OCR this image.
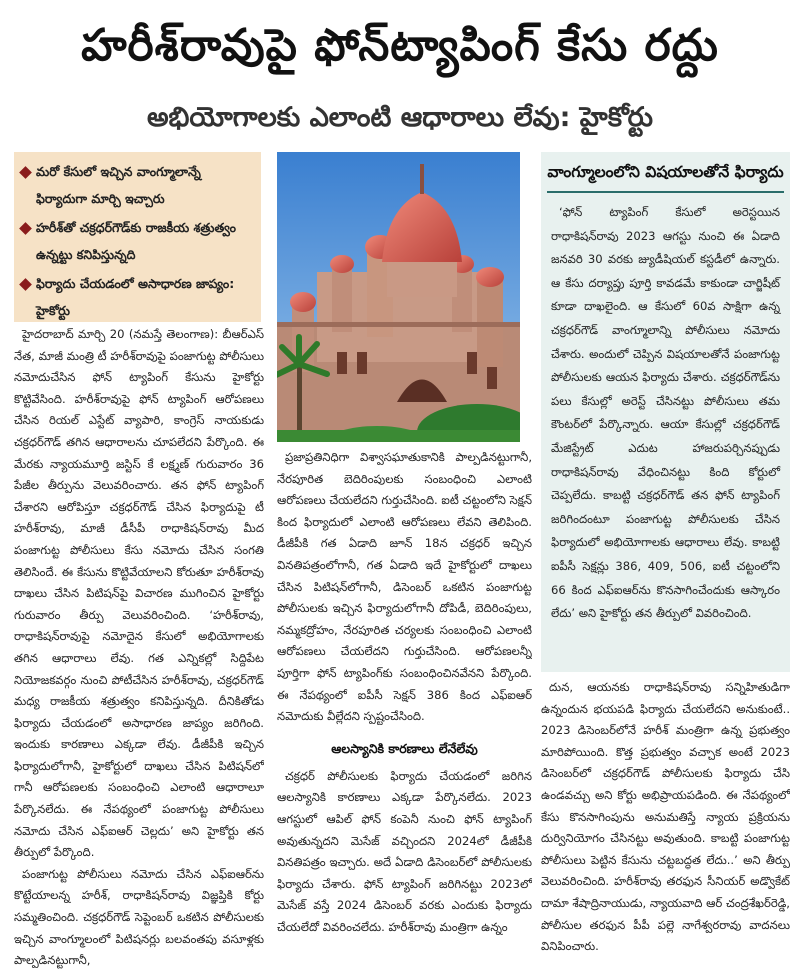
హరీశ్‌రావుపై ఫోన్‌ట్యాపింగ్‌ కేసు రద్దు
అభియోగాలకు ఎలాంటి ఆధారాలు లేవు: హైకోర్టు
మరో కేసులో ఇచ్చిన వాంగ్మూలాన్నే ఫిర్యాదుగా మార్చి ఇచ్చారు
హరీశ్‌తో చక్రధర్‌గౌడ్‌కు రాజకీయ శత్రుత్వం ఉన్నట్టు కనిపిస్తున్నది
ఫిర్యాదు చేయడంలో అసాధారణ జాప్యం: హైకోర్టు
వాంగ్మూలంలోని విషయాలతోనే ఫిర్యాదు

‘ఫోన్‌ ట్యాపింగ్‌ కేసులో అరెస్టయిన రాధాకిషన్‌రావు 2023 ఆగస్టు నుంచి ఈ ఏడాది జనవరి 30 వరకు జ్యుడీషియల్‌ కస్టడీలో ఉన్నారు. ఆ కేసు దర్యాప్తు పూర్తి కావడమే కాకుండా చార్జిషీట్‌ కూడా దాఖలైంది. ఆ కేసులో 60వ సాక్షిగా ఉన్న చక్రధర్‌గౌడ్‌ వాంగ్మూలాన్ని పోలీసులు నమోదు చేశారు. అందులో చెప్పిన విషయాలతోనే పంజాగుట్ట పోలీసులకు ఆయన ఫిర్యాదు చేశారు. చక్రధర్‌గౌడ్‌ను పలు కేసుల్లో అరెస్ట్‌ చేసినట్టు పోలీసులు తమ కౌంటర్‌లో పేర్కొన్నారు. ఆయా కేసుల్లో చక్రధర్‌గౌడ్‌ మేజిస్ట్రేట్‌ ఎదుట హాజరుపర్చినప్పుడు రాధాకిషన్‌రావు వేధించినట్టు కింది కోర్టులో చెప్పలేదు. కాబట్టి చక్రధర్‌గౌడ్‌ తన ఫోన్‌ ట్యాపింగ్‌ జరిగిందంటూ పంజాగుట్ట పోలీసులకు చేసిన ఫిర్యాదులో అభియోగాలకు ఆధారాలు లేవు. కాబట్టి ఐపీసీ సెక్షన్లు 386, 409, 506, ఐటీ చట్టంలోని 66 కింద ఎఫ్‌ఐఆర్‌ను కొనసాగించేందుకు ఆస్కారం లేదు’ అని హైకోర్టు తన తీర్పులో వివరించింది.

హైదరాబాద్‌ మార్చి 20 (నమస్తే తెలంగాణ): బీఆర్‌ఎస్‌ నేత, మాజీ మంత్రి టీ హరీశ్‌రావుపై పంజాగుట్ట పోలీసులు నమోదుచేసిన ఫోన్‌ ట్యాపింగ్‌ కేసును హైకోర్టు కొట్టివేసింది. హరీశ్‌రావుపై ఫోన్‌ ట్యాపింగ్‌ ఆరోపణలు చేసిన రియల్‌ ఎస్టేట్‌ వ్యాపారి, కాంగ్రెస్‌ నాయకుడు చక్రధర్‌గౌడ్‌ తగిన ఆధారాలను చూపలేదని పేర్కొంది. ఈ మేరకు న్యాయమూర్తి జస్టిస్‌ కే లక్ష్మణ్‌ గురువారం 36 పేజీల తీర్పును వెలువరించారు. తన ఫోన్‌ ట్యాపింగ్‌ చేశారని ఆరోపిస్తూ చక్రధర్‌గౌడ్‌ చేసిన ఫిర్యాదుపై టీ హరీశ్‌రావు, మాజీ డీసీపీ రాధాకిషన్‌రావు మీద పంజాగుట్ట పోలీసులు కేసు నమోదు చేసిన సంగతి తెలిసిందే. ఈ కేసును కొట్టివేయాలని కోరుతూ హరీశ్‌రావు దాఖలు చేసిన పిటిషన్‌పై విచారణ ముగించిన హైకోర్టు గురువారం తీర్పు వెలువరించింది. ‘హరీశ్‌రావు, రాధాకిషన్‌రావుపై నమోదైన కేసులో అభియోగాలకు తగిన ఆధారాలు లేవు. గత ఎన్నికల్లో సిద్దిపేట నియోజకవర్గం నుంచి పోటీచేసిన హరీశ్‌రావు, చక్రధర్‌గౌడ్‌ మధ్య రాజకీయ శత్రుత్వం కనిపిస్తున్నది. దీనికితోడు ఫిర్యాదు చేయడంలో అసాధారణ జాప్యం జరిగింది. ఇందుకు కారణాలు ఎక్కడా లేవు. డీజీపీకి ఇచ్చిన ఫిర్యాదులోగానీ, హైకోర్టులో దాఖలు చేసిన పిటిషన్‌లో గానీ ఆరోపణలకు సంబంధించి ఎలాంటి ఆధారాలూ పేర్కొనలేదు. ఈ నేపథ్యంలో పంజాగుట్ట పోలీసులు నమోదు చేసిన ఎఫ్‌ఐఆర్‌ చెల్లదు’ అని హైకోర్టు తన తీర్పులో పేర్కొంది.

పంజాగుట్ట పోలీసులు నమోదు చేసిన ఎఫ్‌ఐఆర్‌ను కొట్టేయాలన్న హరీశ్‌, రాధాకిషన్‌రావు విజ్ఞప్తికి కోర్టు సమ్మతించింది. చక్రధర్‌గౌడ్‌ సెప్టెంబర్‌ ఒకటిన పోలీసులకు ఇచ్చిన వాంగ్మూలంలో పిటిషనర్లు బలవంతపు వసూళ్లకు పాల్పడినట్టుగానీ,

ప్రజాప్రతినిధిగా విశ్వాసఘాతుకానికి పాల్పడినట్టుగానీ, నేరపూరిత బెదిరింపులకు సంబంధించి ఎలాంటి ఆరోపణలు చేయలేదని గుర్తుచేసింది. ఐటీ చట్టంలోని సెక్షన్‌ కింద ఫిర్యాదులో ఎలాంటి ఆరోపణలు లేవని తెలిపింది. డీజీపీకి గత ఏడాది జూన్‌ 18న చక్రధర్‌ ఇచ్చిన వినతిపత్రంలోగానీ, గత ఏడాది ఇదే హైకోర్టులో దాఖలు చేసిన పిటిషన్‌లోగానీ, డిసెంబర్‌ ఒకటిన పంజాగుట్ట పోలీసులకు ఇచ్చిన ఫిర్యాదులోగానీ దోపిడీ, బెదిరింపులు, నమ్మకద్రోహం, నేరపూరిత చర్యలకు సంబంధించి ఎలాంటి ఆరోపణలు చేయలేదని గుర్తుచేసింది. ఆరోపణలన్నీ పూర్తిగా ఫోన్‌ ట్యాపింగ్‌కు సంబంధించినవేనని పేర్కొంది. ఈ నేపథ్యంలో ఐపీసీ సెక్షన్‌ 386 కింద ఎఫ్‌ఐఆర్‌ నమోదుకు వీల్లేదని స్పష్టంచేసింది.

ఆలస్యానికి కారణాలు లేనేలేవు

చక్రధర్‌ పోలీసులకు ఫిర్యాదు చేయడంలో జరిగిన ఆలస్యానికి కారణాలు ఎక్కడా పేర్కొనలేదు. 2023 ఆగస్టులో ఆపిల్‌ ఫోన్‌ కంపెనీ నుంచి ఫోన్‌ ట్యాపింగ్‌ అవుతున్నదని మెసేజ్‌ వచ్చిందని 2024లో డీజీపీకి వినతిపత్రం ఇచ్చారు. అదే ఏడాది డిసెంబర్‌లో పోలీసులకు ఫిర్యాదు చేశారు. ఫోన్‌ ట్యాపింగ్‌ జరిగినట్టు 2023లో మెసేజ్‌ వస్తే 2024 డిసెంబర్‌ వరకు ఎందుకు ఫిర్యాదు చేయలేదో వివరించలేదు. హరీశ్‌రావు మంత్రిగా ఉన్నం

దున, ఆయనకు రాధాకిషన్‌రావు సన్నిహితుడిగా ఉన్నందున భయపడి ఫిర్యాదు చేయలేదని అనుకుంటే.. 2023 డిసెంబర్‌లోనే హరీశ్‌ మంత్రిగా ఉన్న ప్రభుత్వం మారిపోయింది. కొత్త ప్రభుత్వం వచ్చాక అంటే 2023 డిసెంబర్‌లో చక్రధర్‌గౌడ్‌ పోలీసులకు ఫిర్యాదు చేసి ఉండవచ్చు అని కోర్టు అభిప్రాయపడింది. ఈ నేపథ్యంలో కేసు కొనసాగింపును అనుమతిస్తే న్యాయ ప్రక్రియను దుర్వినియోగం చేసినట్టు అవుతుంది. కాబట్టి పంజాగుట్ట పోలీసులు పెట్టిన కేసును చట్టబద్ధత లేదు..’ అని తీర్పు వెలువరించింది. హరీశ్‌రావు తరఫున సీనియర్‌ అడ్వొకేట్‌ దామా శేషాద్రినాయుడు, న్యాయవాది ఆర్‌ చంద్రశేఖర్‌రెడ్డి, పోలీసుల తరఫున పీపీ పల్లె నాగేశ్వరరావు వాదనలు వినిపించారు.
